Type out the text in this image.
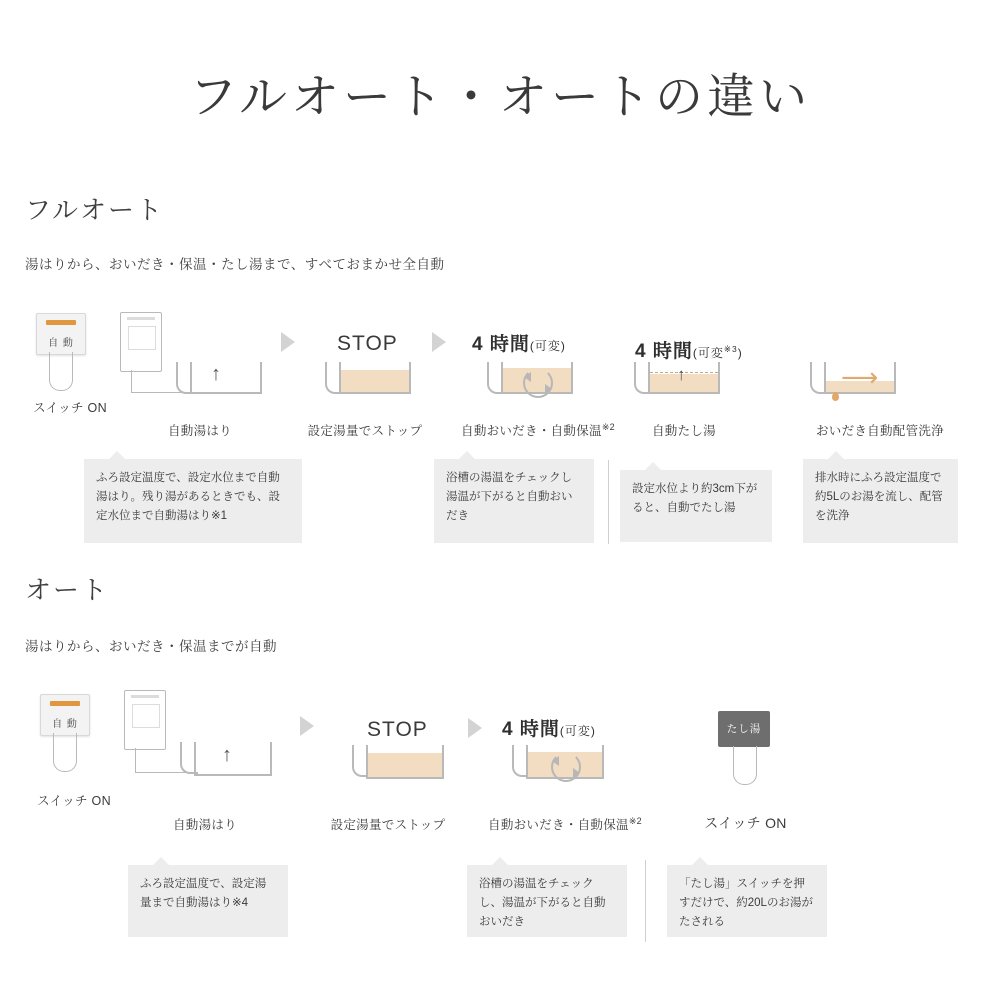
フルオート・オートの違い
フルオート
湯はりから、おいだき・保温・たし湯まで、すべておまかせ全自動
自 動
スイッチ ON
↑
自動湯はり
STOP
設定湯量でストップ
4 時間(可変)
自動おいだき・自動保温$^{※2}$
4 時間(可変$^{※3}$)
↑
自動たし湯
⟶
おいだき自動配管洗浄
ふろ設定温度で、設定水位まで自動湯はり。残り湯があるときでも、設定水位まで自動湯はり※1
浴槽の湯温をチェックし湯温が下がると自動おいだき
設定水位より約3cm下がると、自動でたし湯
排水時にふろ設定温度で約5Lのお湯を流し、配管を洗浄
オート
湯はりから、おいだき・保温までが自動
自 動
スイッチ ON
↑
自動湯はり
STOP
設定湯量でストップ
4 時間(可変)
自動おいだき・自動保温$^{※2}$
たし湯
スイッチ ON
ふろ設定温度で、設定湯量まで自動湯はり※4
浴槽の湯温をチェックし、湯温が下がると自動おいだき
「たし湯」スイッチを押すだけで、約20Lのお湯がたされる
